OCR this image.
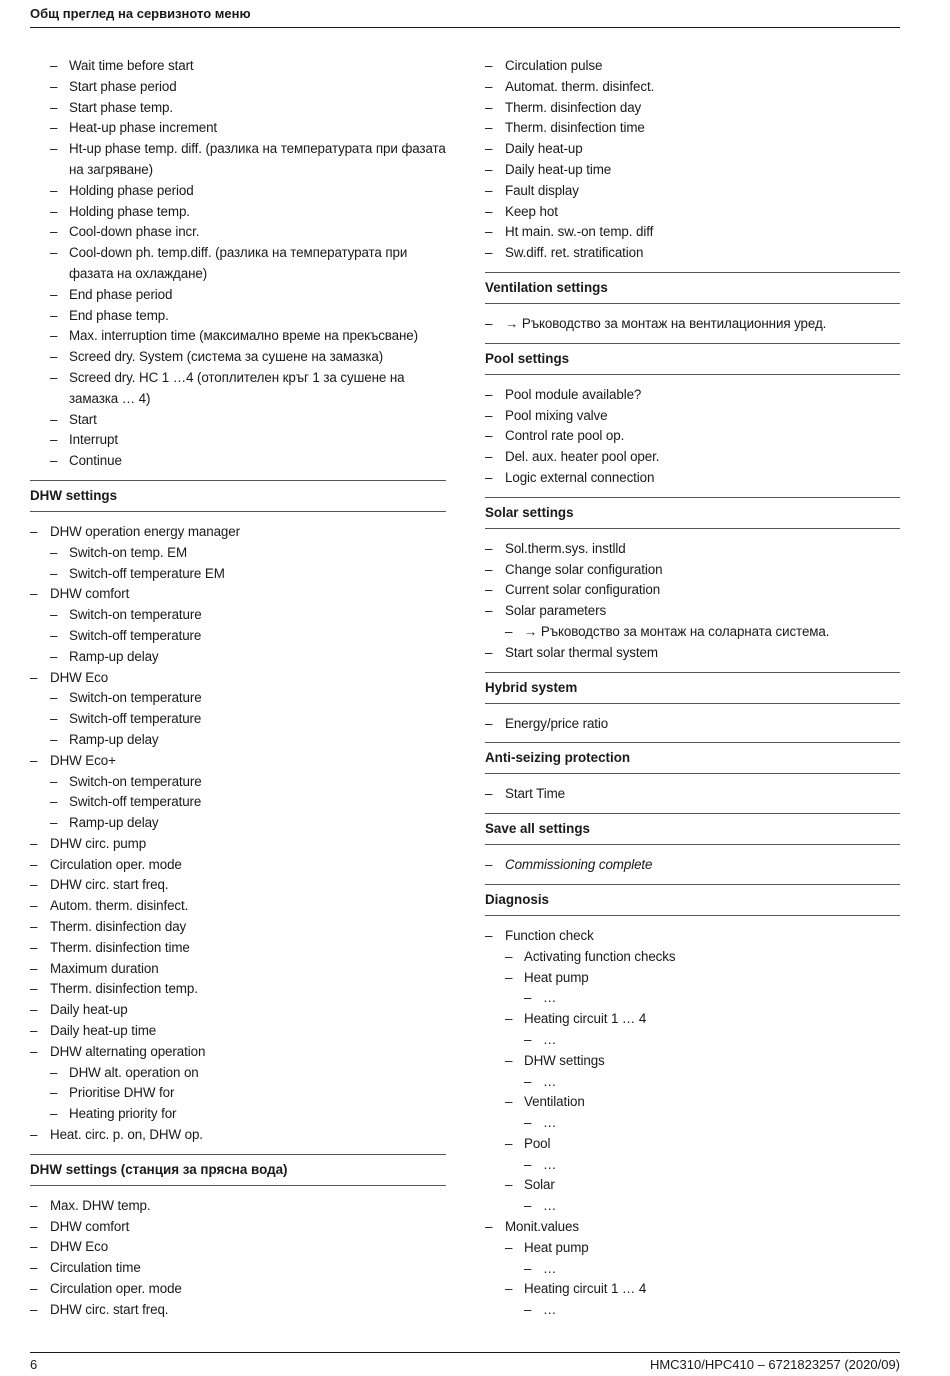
Общ преглед на сервизното меню
– Wait time before start
– Start phase period
– Start phase temp.
– Heat-up phase increment
– Ht-up phase temp. diff. (разлика на температурата при фазата на загряване)
– Holding phase period
– Holding phase temp.
– Cool-down phase incr.
– Cool-down ph. temp.diff. (разлика на температурата при фазата на охлаждане)
– End phase period
– End phase temp.
– Max. interruption time (максимално време на прекъсване)
– Screed dry. System (система за сушене на замазка)
– Screed dry. HC 1 …4 (отоплителен кръг 1 за сушене на замазка … 4)
– Start
– Interrupt
– Continue
DHW settings
– DHW operation energy manager
– Switch-on temp. EM
– Switch-off temperature EM
– DHW comfort
– Switch-on temperature
– Switch-off temperature
– Ramp-up delay
– DHW Eco
– Switch-on temperature
– Switch-off temperature
– Ramp-up delay
– DHW Eco+
– Switch-on temperature
– Switch-off temperature
– Ramp-up delay
– DHW circ. pump
– Circulation oper. mode
– DHW circ. start freq.
– Autom. therm. disinfect.
– Therm. disinfection day
– Therm. disinfection time
– Maximum duration
– Therm. disinfection temp.
– Daily heat-up
– Daily heat-up time
– DHW alternating operation
– DHW alt. operation on
– Prioritise DHW for
– Heating priority for
– Heat. circ. p. on, DHW op.
DHW settings (станция за прясна вода)
– Max. DHW temp.
– DHW comfort
– DHW Eco
– Circulation time
– Circulation oper. mode
– DHW circ. start freq.
– Circulation pulse
– Automat. therm. disinfect.
– Therm. disinfection day
– Therm. disinfection time
– Daily heat-up
– Daily heat-up time
– Fault display
– Keep hot
– Ht main. sw.-on temp. diff
– Sw.diff. ret. stratification
Ventilation settings
– → Ръководство за монтаж на вентилационния уред.
Pool settings
– Pool module available?
– Pool mixing valve
– Control rate pool op.
– Del. aux. heater pool oper.
– Logic external connection
Solar settings
– Sol.therm.sys. instlld
– Change solar configuration
– Current solar configuration
– Solar parameters
– → Ръководство за монтаж на соларната система.
– Start solar thermal system
Hybrid system
– Energy/price ratio
Anti-seizing protection
– Start Time
Save all settings
– Commissioning complete
Diagnosis
– Function check
– Activating function checks
– Heat pump
– …
– Heating circuit 1 … 4
– …
– DHW settings
– …
– Ventilation
– …
– Pool
– …
– Solar
– …
– Monit.values
– Heat pump
– …
– Heating circuit 1 … 4
– …
6	HMC310/HPC410 – 6721823257 (2020/09)
